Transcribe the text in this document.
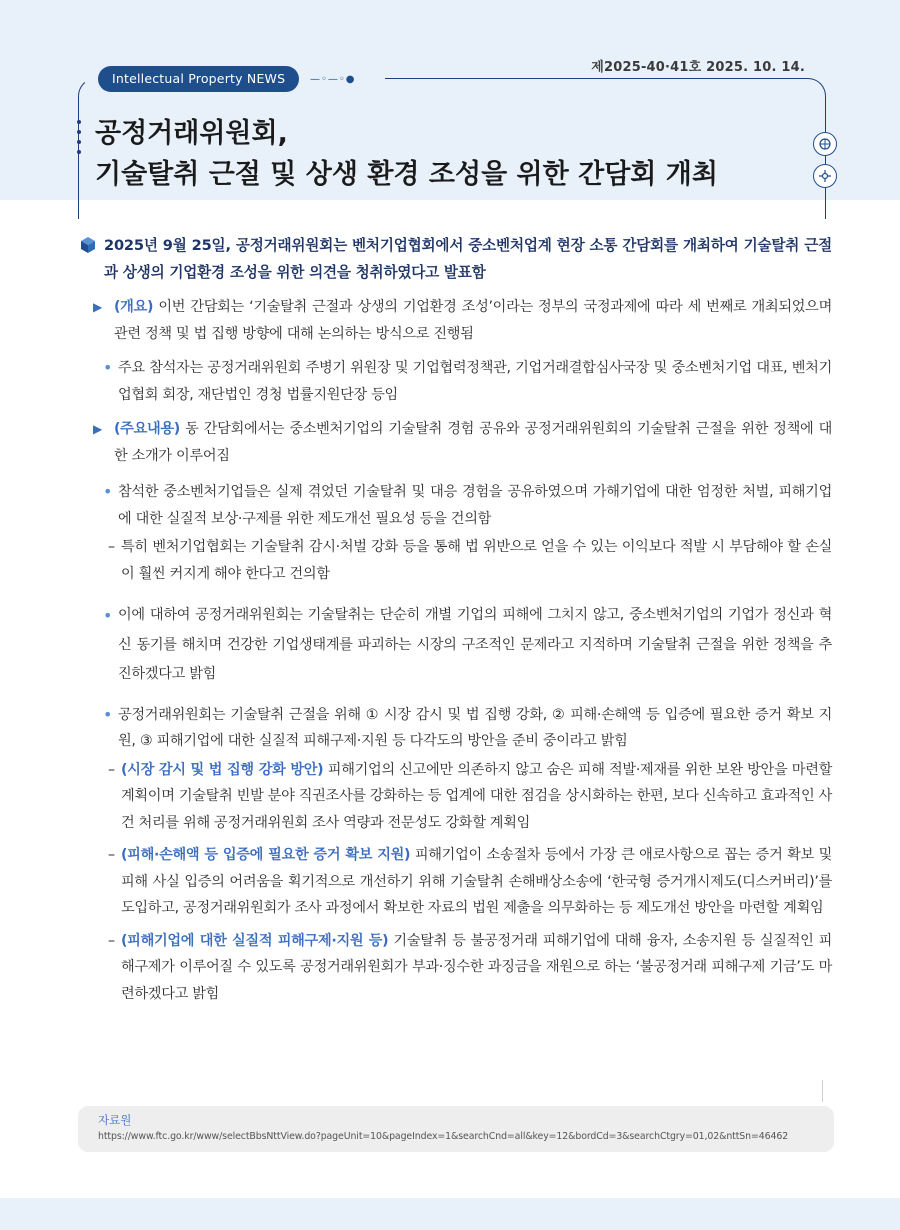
Intellectual Property NEWS	—◦—◦●
제2025-40·41호 2025. 10. 14.
공정거래위원회,
기술탈취 근절 및 상생 환경 조성을 위한 간담회 개최
2025년 9월 25일, 공정거래위원회는 벤처기업협회에서 중소벤처업계 현장 소통 간담회를 개최하여 기술탈취 근절과 상생의 기업환경 조성을 위한 의견을 청취하였다고 발표함
▶ (개요) 이번 간담회는 ‘기술탈취 근절과 상생의 기업환경 조성’이라는 정부의 국정과제에 따라 세 번째로 개최되었으며 관련 정책 및 법 집행 방향에 대해 논의하는 방식으로 진행됨
• 주요 참석자는 공정거래위원회 주병기 위원장 및 기업협력정책관, 기업거래결합심사국장 및 중소벤처기업 대표, 벤처기업협회 회장, 재단법인 경청 법률지원단장 등임
▶ (주요내용) 동 간담회에서는 중소벤처기업의 기술탈취 경험 공유와 공정거래위원회의 기술탈취 근절을 위한 정책에 대한 소개가 이루어짐
• 참석한 중소벤처기업들은 실제 겪었던 기술탈취 및 대응 경험을 공유하였으며 가해기업에 대한 엄정한 처벌, 피해기업에 대한 실질적 보상·구제를 위한 제도개선 필요성 등을 건의함
– 특히 벤처기업협회는 기술탈취 감시·처벌 강화 등을 통해 법 위반으로 얻을 수 있는 이익보다 적발 시 부담해야 할 손실이 훨씬 커지게 해야 한다고 건의함
• 이에 대하여 공정거래위원회는 기술탈취는 단순히 개별 기업의 피해에 그치지 않고, 중소벤처기업의 기업가 정신과 혁신 동기를 해치며 건강한 기업생태계를 파괴하는 시장의 구조적인 문제라고 지적하며 기술탈취 근절을 위한 정책을 추진하겠다고 밝힘
• 공정거래위원회는 기술탈취 근절을 위해 ① 시장 감시 및 법 집행 강화, ② 피해·손해액 등 입증에 필요한 증거 확보 지원, ③ 피해기업에 대한 실질적 피해구제·지원 등 다각도의 방안을 준비 중이라고 밝힘
– (시장 감시 및 법 집행 강화 방안) 피해기업의 신고에만 의존하지 않고 숨은 피해 적발·제재를 위한 보완 방안을 마련할 계획이며 기술탈취 빈발 분야 직권조사를 강화하는 등 업계에 대한 점검을 상시화하는 한편, 보다 신속하고 효과적인 사건 처리를 위해 공정거래위원회 조사 역량과 전문성도 강화할 계획임
– (피해·손해액 등 입증에 필요한 증거 확보 지원) 피해기업이 소송절차 등에서 가장 큰 애로사항으로 꼽는 증거 확보 및 피해 사실 입증의 어려움을 획기적으로 개선하기 위해 기술탈취 손해배상소송에 ‘한국형 증거개시제도(디스커버리)’를 도입하고, 공정거래위원회가 조사 과정에서 확보한 자료의 법원 제출을 의무화하는 등 제도개선 방안을 마련할 계획임
– (피해기업에 대한 실질적 피해구제·지원 등) 기술탈취 등 불공정거래 피해기업에 대해 융자, 소송지원 등 실질적인 피해구제가 이루어질 수 있도록 공정거래위원회가 부과·징수한 과징금을 재원으로 하는 ‘불공정거래 피해구제 기금’도 마련하겠다고 밝힘
자료원
https://www.ftc.go.kr/www/selectBbsNttView.do?pageUnit=10&pageIndex=1&searchCnd=all&key=12&bordCd=3&searchCtgry=01,02&nttSn=46462
